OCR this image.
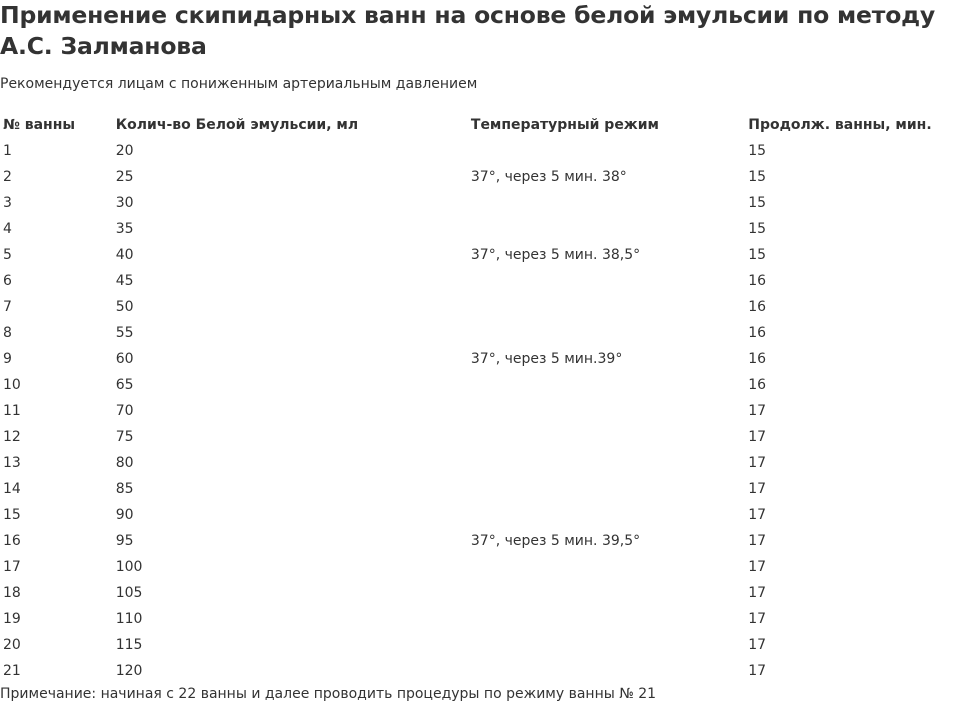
Применение скипидарных ванн на основе белой эмульсии по методу А.С. Залманова

Рекомендуется лицам с пониженным артериальным давлением

№ ванны	Колич-во Белой эмульсии, мл	Температурный режим	Продолж. ванны, мин.
1	20		15
2	25	37°, через 5 мин. 38°	15
3	30		15
4	35		15
5	40	37°, через 5 мин. 38,5°	15
6	45		16
7	50		16
8	55		16
9	60	37°, через 5 мин.39°	16
10	65		16
11	70		17
12	75		17
13	80		17
14	85		17
15	90		17
16	95	37°, через 5 мин. 39,5°	17
17	100		17
18	105		17
19	110		17
20	115		17
21	120		17

Примечание: начиная с 22 ванны и далее проводить процедуры по режиму ванны № 21
